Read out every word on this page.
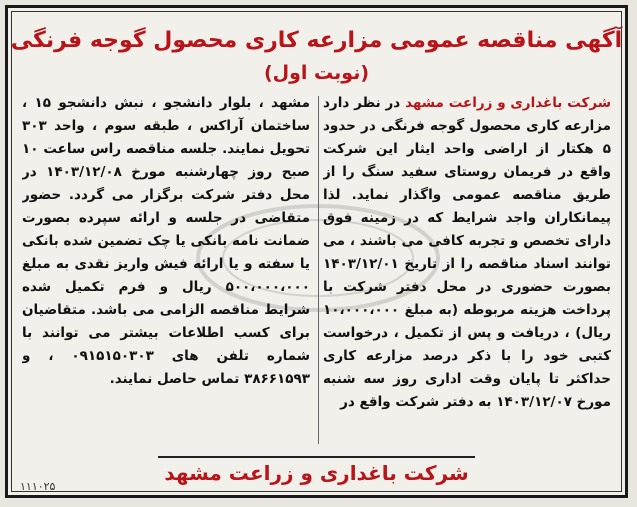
آگهی مناقصه عمومی مزارعه کاری محصول گوجه فرنگی
(نوبت اول)
شرکت باغداری و زراعت مشهد در نظر دارد مزارعه کاری محصول گوجه فرنگی در حدود ۵ هکتار از اراضی واحد ایثار این شرکت واقع در فریمان روستای سفید سنگ را از طریق مناقصه عمومی واگذار نماید. لذا پیمانکاران واجد شرایط که در زمینه فوق دارای تخصص و تجربه کافی می باشند ، می توانند اسناد مناقصه را از تاریخ ۱۴۰۳/۱۲/۰۱ بصورت حضوری در محل دفتر شرکت با پرداخت هزینه مربوطه (به مبلغ ۱۰،۰۰۰،۰۰۰ ریال) ، دریافت و پس از تکمیل ، درخواست کتبی خود را با ذکر درصد مزارعه کاری حداکثر تا پایان وقت اداری روز سه شنبه مورخ ۱۴۰۳/۱۲/۰۷ به دفتر شرکت واقع در
مشهد ، بلوار دانشجو ، نبش دانشجو ۱۵ ، ساختمان آراکس ، طبقه سوم ، واحد ۳۰۳ تحویل نمایند. جلسه مناقصه راس ساعت ۱۰ صبح روز چهارشنبه مورخ ۱۴۰۳/۱۲/۰۸ در محل دفتر شرکت برگزار می گردد. حضور متقاضی در جلسه و ارائه سپرده بصورت ضمانت نامه بانکی یا چک تضمین شده بانکی یا سفته و یا ارائه فیش واریز نقدی به مبلغ ۵۰۰،۰۰۰،۰۰۰ ریال و فرم تکمیل شده شرایط مناقصه الزامی می باشد. متقاضیان برای کسب اطلاعات بیشتر می توانند با شماره تلفن های ۰۹۱۵۱۵۰۳۰۳ ، و ۳۸۶۶۱۵۹۳ تماس حاصل نمایند.
شرکت باغداری و زراعت مشهد
۱۱۱۰۲۵
